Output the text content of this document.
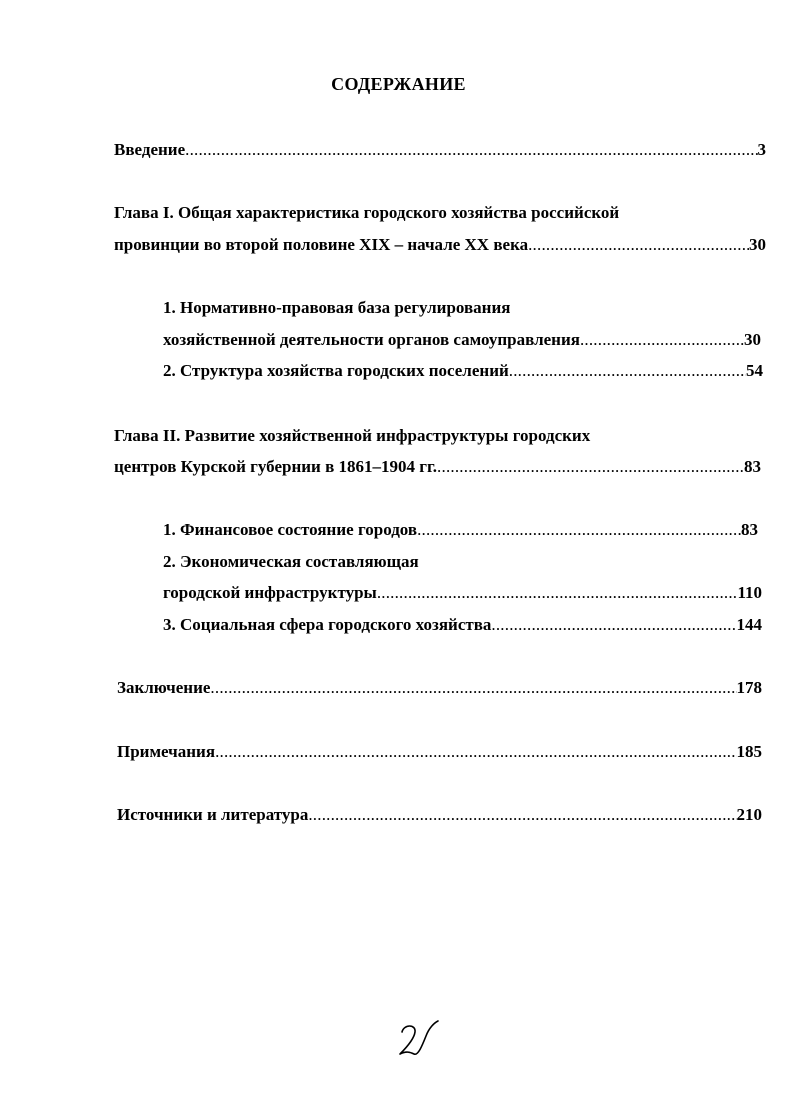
СОДЕРЖАНИЕ
Введение .....	3
Глава I. Общая характеристика городского хозяйства российской
провинции во второй половине XIX – начале XX века .....	30
1. Нормативно-правовая база регулирования
хозяйственной деятельности органов самоуправления .....	30
2. Структура хозяйства городских поселений .....	54
Глава II. Развитие хозяйственной инфраструктуры городских
центров Курской губернии в 1861–1904 гг. .....	83
1. Финансовое состояние городов .....	83
2. Экономическая составляющая
городской инфраструктуры .....	110
3. Социальная сфера городского хозяйства .....	144
Заключение .....	178
Примечания .....	185
Источники и литература .....	210
